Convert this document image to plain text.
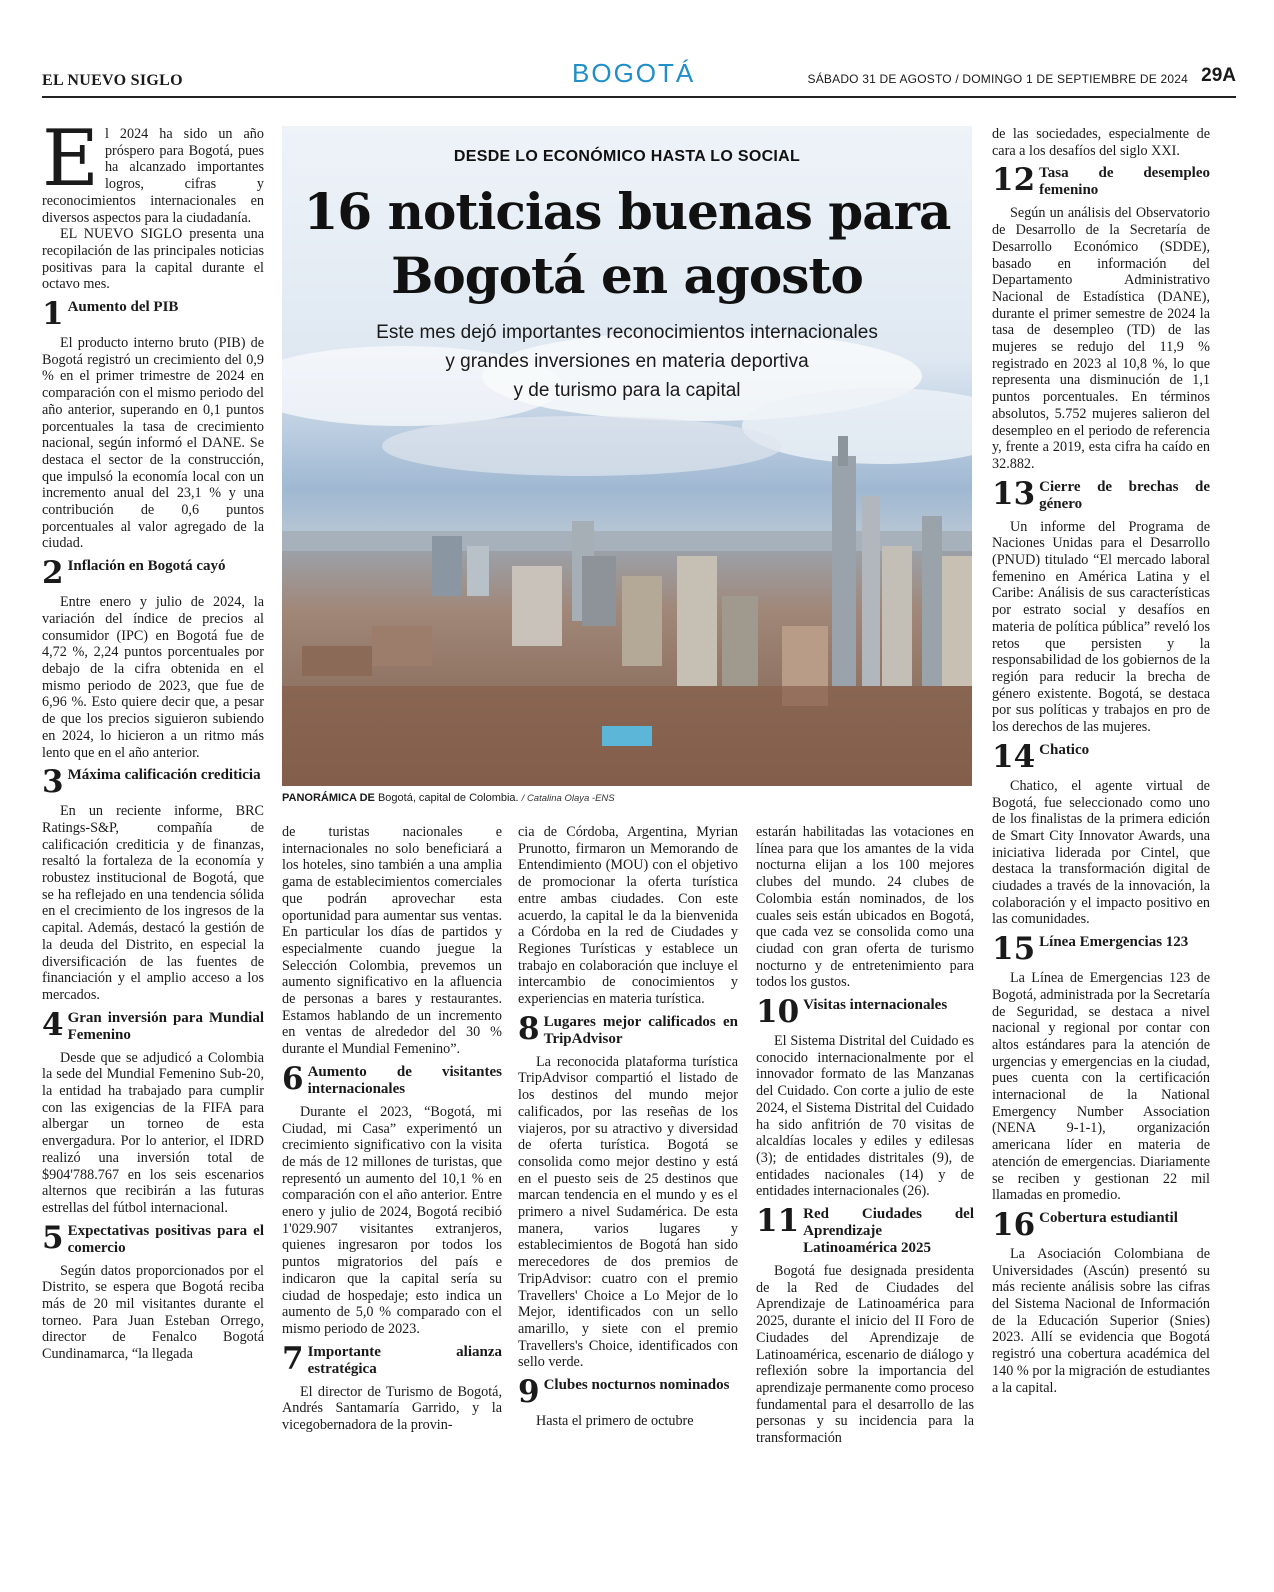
EL NUEVO SIGLO	BOGOTÁ	SÁBADO 31 DE AGOSTO / DOMINGO 1 DE SEPTIEMBRE DE 2024 29A
E l 2024 ha sido un año próspero para Bogotá, pues ha alcanzado importantes logros, cifras y reconocimientos internacionales en diversos aspectos para la ciudadanía.

EL NUEVO SIGLO presenta una recopilación de las principales noticias positivas para la capital durante el octavo mes.

1 Aumento del PIB

El producto interno bruto (PIB) de Bogotá registró un crecimiento del 0,9 % en el primer trimestre de 2024 en comparación con el mismo periodo del año anterior, superando en 0,1 puntos porcentuales la tasa de crecimiento nacional, según informó el DANE. Se destaca el sector de la construcción, que impulsó la economía local con un incremento anual del 23,1 % y una contribución de 0,6 puntos porcentuales al valor agregado de la ciudad.

2 Inflación en Bogotá cayó

Entre enero y julio de 2024, la variación del índice de precios al consumidor (IPC) en Bogotá fue de 4,72 %, 2,24 puntos porcentuales por debajo de la cifra obtenida en el mismo periodo de 2023, que fue de 6,96 %. Esto quiere decir que, a pesar de que los precios siguieron subiendo en 2024, lo hicieron a un ritmo más lento que en el año anterior.

3 Máxima calificación crediticia

En un reciente informe, BRC Ratings-S&P, compañía de calificación crediticia y de finanzas, resaltó la fortaleza de la economía y robustez institucional de Bogotá, que se ha reflejado en una tendencia sólida en el crecimiento de los ingresos de la capital. Además, destacó la gestión de la deuda del Distrito, en especial la diversificación de las fuentes de financiación y el amplio acceso a los mercados.

4 Gran inversión para Mundial Femenino

Desde que se adjudicó a Colombia la sede del Mundial Femenino Sub-20, la entidad ha trabajado para cumplir con las exigencias de la FIFA para albergar un torneo de esta envergadura. Por lo anterior, el IDRD realizó una inversión total de $904'788.767 en los seis escenarios alternos que recibirán a las futuras estrellas del fútbol internacional.

5 Expectativas positivas para el comercio

Según datos proporcionados por el Distrito, se espera que Bogotá reciba más de 20 mil visitantes durante el torneo. Para Juan Esteban Orrego, director de Fenalco Bogotá Cundinamarca, “la llegada

DESDE LO ECONÓMICO HASTA LO SOCIAL
16 noticias buenas para
Bogotá en agosto
Este mes dejó importantes reconocimientos internacionales
y grandes inversiones en materia deportiva
y de turismo para la capital
PANORÁMICA DE Bogotá, capital de Colombia. / Catalina Olaya -ENS

de turistas nacionales e internacionales no solo beneficiará a los hoteles, sino también a una amplia gama de establecimientos comerciales que podrán aprovechar esta oportunidad para aumentar sus ventas. En particular los días de partidos y especialmente cuando juegue la Selección Colombia, prevemos un aumento significativo en la afluencia de personas a bares y restaurantes. Estamos hablando de un incremento en ventas de alrededor del 30 % durante el Mundial Femenino”.

6 Aumento de visitantes internacionales

Durante el 2023, “Bogotá, mi Ciudad, mi Casa” experimentó un crecimiento significativo con la visita de más de 12 millones de turistas, que representó un aumento del 10,1 % en comparación con el año anterior. Entre enero y julio de 2024, Bogotá recibió 1'029.907 visitantes extranjeros, quienes ingresaron por todos los puntos migratorios del país e indicaron que la capital sería su ciudad de hospedaje; esto indica un aumento de 5,0 % comparado con el mismo periodo de 2023.

7 Importante alianza estratégica

El director de Turismo de Bogotá, Andrés Santamaría Garrido, y la vicegobernadora de la provin-

cia de Córdoba, Argentina, Myrian Prunotto, firmaron un Memorando de Entendimiento (MOU) con el objetivo de promocionar la oferta turística entre ambas ciudades. Con este acuerdo, la capital le da la bienvenida a Córdoba en la red de Ciudades y Regiones Turísticas y establece un trabajo en colaboración que incluye el intercambio de conocimientos y experiencias en materia turística.

8 Lugares mejor calificados en TripAdvisor

La reconocida plataforma turística TripAdvisor compartió el listado de los destinos del mundo mejor calificados, por las reseñas de los viajeros, por su atractivo y diversidad de oferta turística. Bogotá se consolida como mejor destino y está en el puesto seis de 25 destinos que marcan tendencia en el mundo y es el primero a nivel Sudamérica. De esta manera, varios lugares y establecimientos de Bogotá han sido merecedores de dos premios de TripAdvisor: cuatro con el premio Travellers' Choice a Lo Mejor de lo Mejor, identificados con un sello amarillo, y siete con el premio Travellers's Choice, identificados con sello verde.

9 Clubes nocturnos nominados

Hasta el primero de octubre

estarán habilitadas las votaciones en línea para que los amantes de la vida nocturna elijan a los 100 mejores clubes del mundo. 24 clubes de Colombia están nominados, de los cuales seis están ubicados en Bogotá, que cada vez se consolida como una ciudad con gran oferta de turismo nocturno y de entretenimiento para todos los gustos.

10 Visitas internacionales

El Sistema Distrital del Cuidado es conocido internacionalmente por el innovador formato de las Manzanas del Cuidado. Con corte a julio de este 2024, el Sistema Distrital del Cuidado ha sido anfitrión de 70 visitas de alcaldías locales y ediles y edilesas (3); de entidades distritales (9), de entidades nacionales (14) y de entidades internacionales (26).

11 Red Ciudades del Aprendizaje Latinoamérica 2025

Bogotá fue designada presidenta de la Red de Ciudades del Aprendizaje de Latinoamérica para 2025, durante el inicio del II Foro de Ciudades del Aprendizaje de Latinoamérica, escenario de diálogo y reflexión sobre la importancia del aprendizaje permanente como proceso fundamental para el desarrollo de las personas y su incidencia para la transformación

de las sociedades, especialmente de cara a los desafíos del siglo XXI.

12 Tasa de desempleo femenino

Según un análisis del Observatorio de Desarrollo de la Secretaría de Desarrollo Económico (SDDE), basado en información del Departamento Administrativo Nacional de Estadística (DANE), durante el primer semestre de 2024 la tasa de desempleo (TD) de las mujeres se redujo del 11,9 % registrado en 2023 al 10,8 %, lo que representa una disminución de 1,1 puntos porcentuales. En términos absolutos, 5.752 mujeres salieron del desempleo en el periodo de referencia y, frente a 2019, esta cifra ha caído en 32.882.

13 Cierre de brechas de género

Un informe del Programa de Naciones Unidas para el Desarrollo (PNUD) titulado “El mercado laboral femenino en América Latina y el Caribe: Análisis de sus características por estrato social y desafíos en materia de política pública” reveló los retos que persisten y la responsabilidad de los gobiernos de la región para reducir la brecha de género existente. Bogotá, se destaca por sus políticas y trabajos en pro de los derechos de las mujeres.

14 Chatico

Chatico, el agente virtual de Bogotá, fue seleccionado como uno de los finalistas de la primera edición de Smart City Innovator Awards, una iniciativa liderada por Cintel, que destaca la transformación digital de ciudades a través de la innovación, la colaboración y el impacto positivo en las comunidades.

15 Línea Emergencias 123

La Línea de Emergencias 123 de Bogotá, administrada por la Secretaría de Seguridad, se destaca a nivel nacional y regional por contar con altos estándares para la atención de urgencias y emergencias en la ciudad, pues cuenta con la certificación internacional de la National Emergency Number Association (NENA 9-1-1), organización americana líder en materia de atención de emergencias. Diariamente se reciben y gestionan 22 mil llamadas en promedio.

16 Cobertura estudiantil

La Asociación Colombiana de Universidades (Ascún) presentó su más reciente análisis sobre las cifras del Sistema Nacional de Información de la Educación Superior (Snies) 2023. Allí se evidencia que Bogotá registró una cobertura académica del 140 % por la migración de estudiantes a la capital.
